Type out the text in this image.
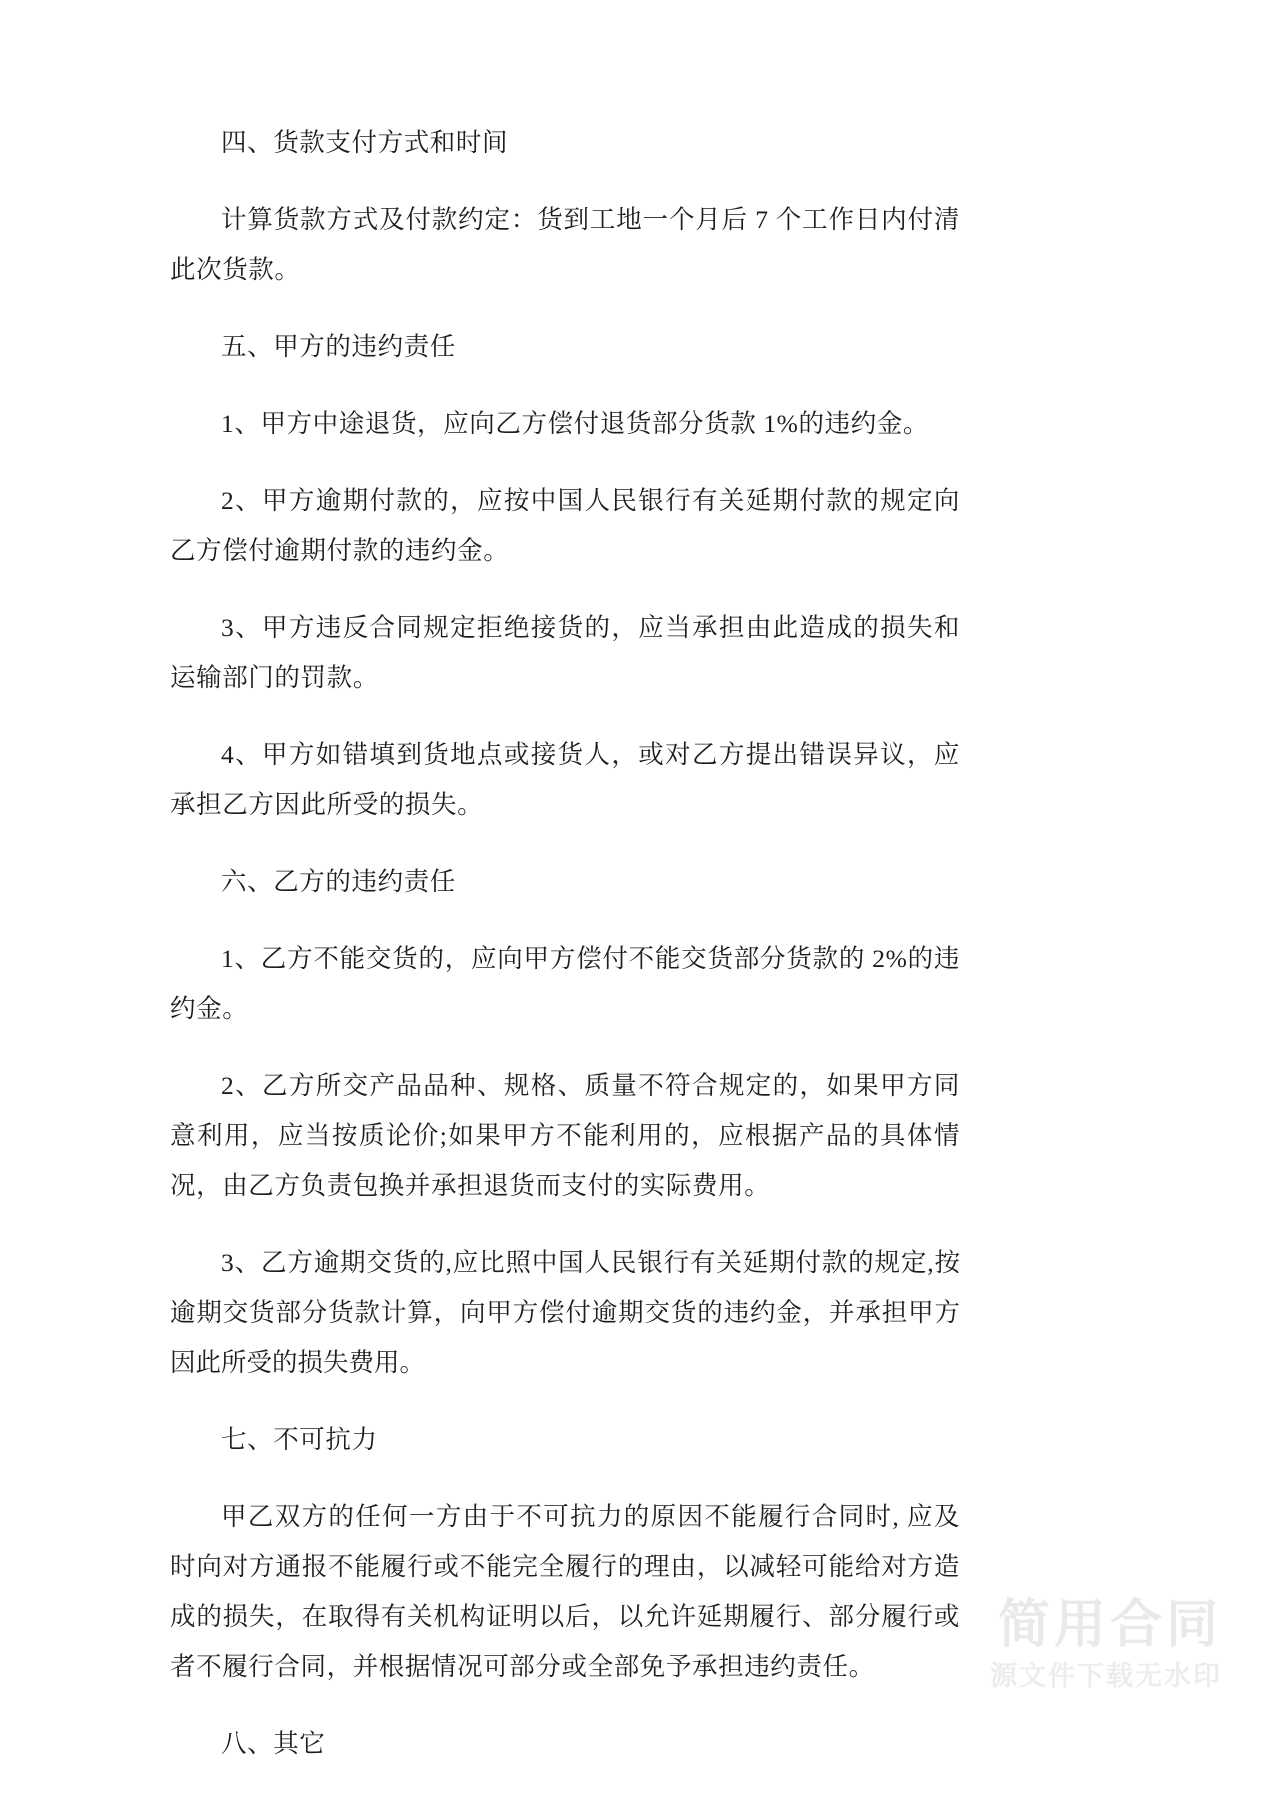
四、货款支付方式和时间

计算货款方式及付款约定：货到工地一个月后 7 个工作日内付清此次货款。

五、甲方的违约责任

1、甲方中途退货，应向乙方偿付退货部分货款 1%的违约金。

2、甲方逾期付款的，应按中国人民银行有关延期付款的规定向乙方偿付逾期付款的违约金。

3、甲方违反合同规定拒绝接货的，应当承担由此造成的损失和运输部门的罚款。

4、甲方如错填到货地点或接货人，或对乙方提出错误异议，应承担乙方因此所受的损失。

六、乙方的违约责任

1、乙方不能交货的，应向甲方偿付不能交货部分货款的 2%的违约金。

2、乙方所交产品品种、规格、质量不符合规定的，如果甲方同意利用，应当按质论价;如果甲方不能利用的，应根据产品的具体情况，由乙方负责包换并承担退货而支付的实际费用。

3、乙方逾期交货的,应比照中国人民银行有关延期付款的规定,按逾期交货部分货款计算，向甲方偿付逾期交货的违约金，并承担甲方因此所受的损失费用。

七、不可抗力

甲乙双方的任何一方由于不可抗力的原因不能履行合同时, 应及时向对方通报不能履行或不能完全履行的理由，以减轻可能给对方造成的损失，在取得有关机构证明以后，以允许延期履行、部分履行或者不履行合同，并根据情况可部分或全部免予承担违约责任。

八、其它

简用合同
源文件下载无水印
